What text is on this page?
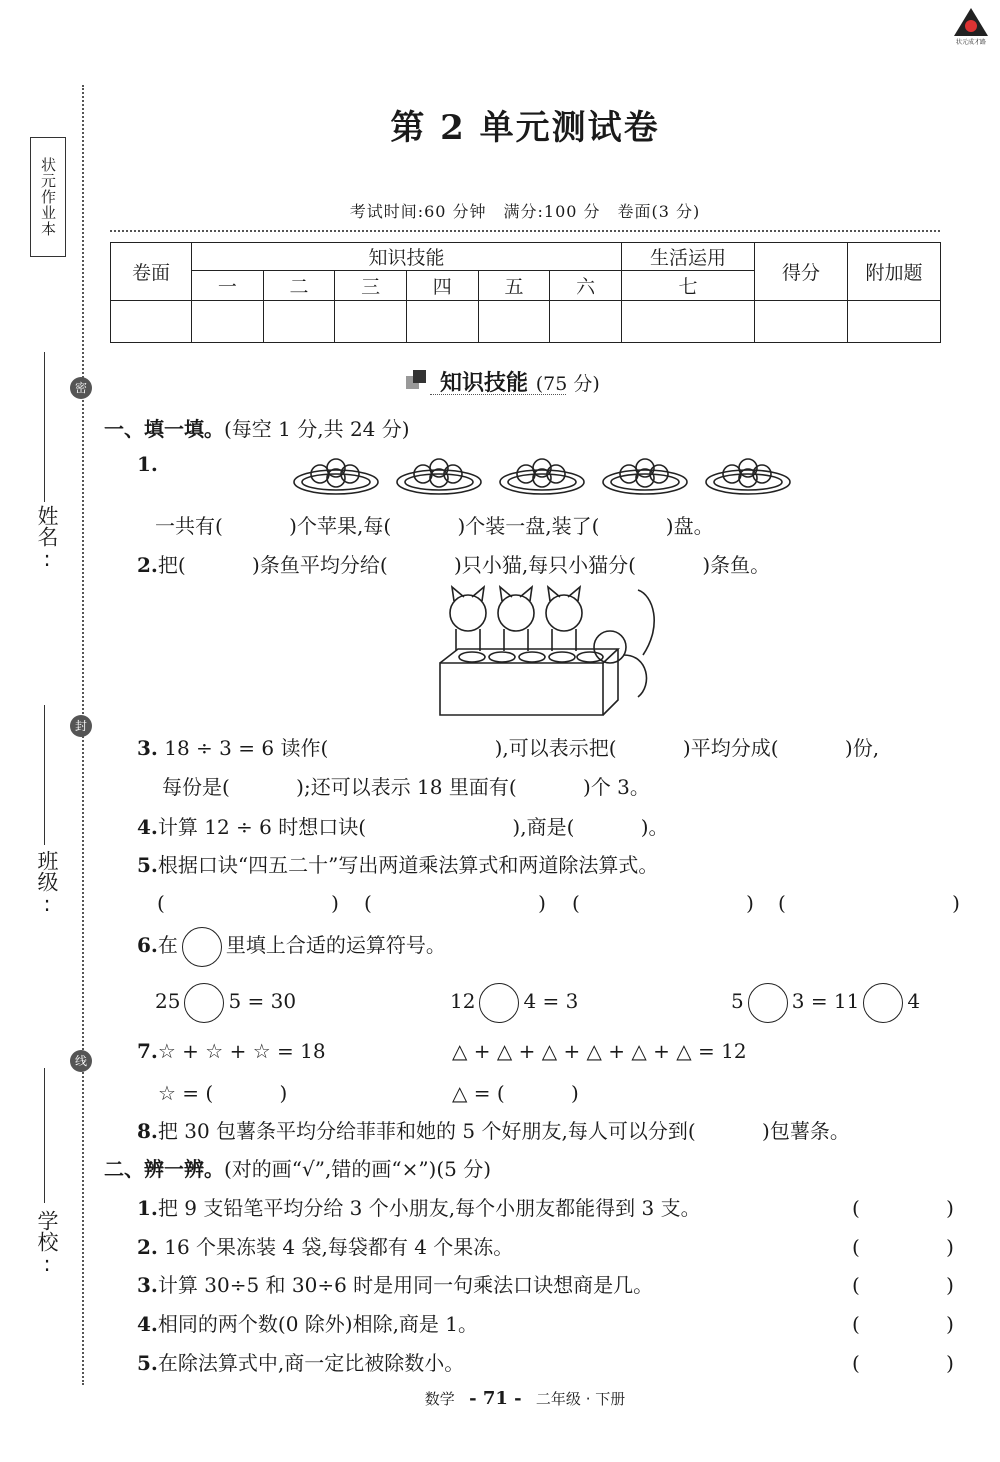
状元成才路
状元作业本
姓名:
班级:
学校:
密
封
线
第 2 单元测试卷
考试时间:60 分钟　满分:100 分　卷面(3 分)
卷面	知识技能						生活运用	得分	附加题
	一	二	三	四	五	六	七		

知识技能 (75 分)
一、填一填。(每空 1 分,共 24 分)
1.
一共有(　　　 )个苹果,每(　　　 )个装一盘,装了(　　　 )盘。
2.把(　　　 )条鱼平均分给(　　　 )只小猫,每只小猫分(　　　 )条鱼。
3. 18 ÷ 3 = 6 读作(　　　　　　　　 ),可以表示把(　　　 )平均分成(　　　 )份,
每份是(　　　 );还可以表示 18 里面有(　　　 )个 3。
4.计算 12 ÷ 6 时想口诀(　　　　　　　 ),商是(　　　 )。
5.根据口诀“四五二十”写出两道乘法算式和两道除法算式。
(　　　　　　　　 ) (　　　　　　　　 ) (　　　　　　　　 ) (　　　　　　　　 )
6.在 里填上合适的运算符号。
25 5 = 30	12 4 = 3	5 3 = 11 4
7.☆ + ☆ + ☆ = 18	△ + △ + △ + △ + △ + △ = 12
☆ = (　　　 )	△ = (　　　 )
8.把 30 包薯条平均分给菲菲和她的 5 个好朋友,每人可以分到(　　　 )包薯条。
二、辨一辨。(对的画“√”,错的画“×”)(5 分)
1.把 9 支铅笔平均分给 3 个小朋友,每个小朋友都能得到 3 支。	(　　　　 )
2. 16 个果冻装 4 袋,每袋都有 4 个果冻。	(　　　　 )
3.计算 30÷5 和 30÷6 时是用同一句乘法口诀想商是几。	(　　　　 )
4.相同的两个数(0 除外)相除,商是 1。	(　　　　 )
5.在除法算式中,商一定比被除数小。	(　　　　 )
数学 - 71 - 二年级 · 下册
